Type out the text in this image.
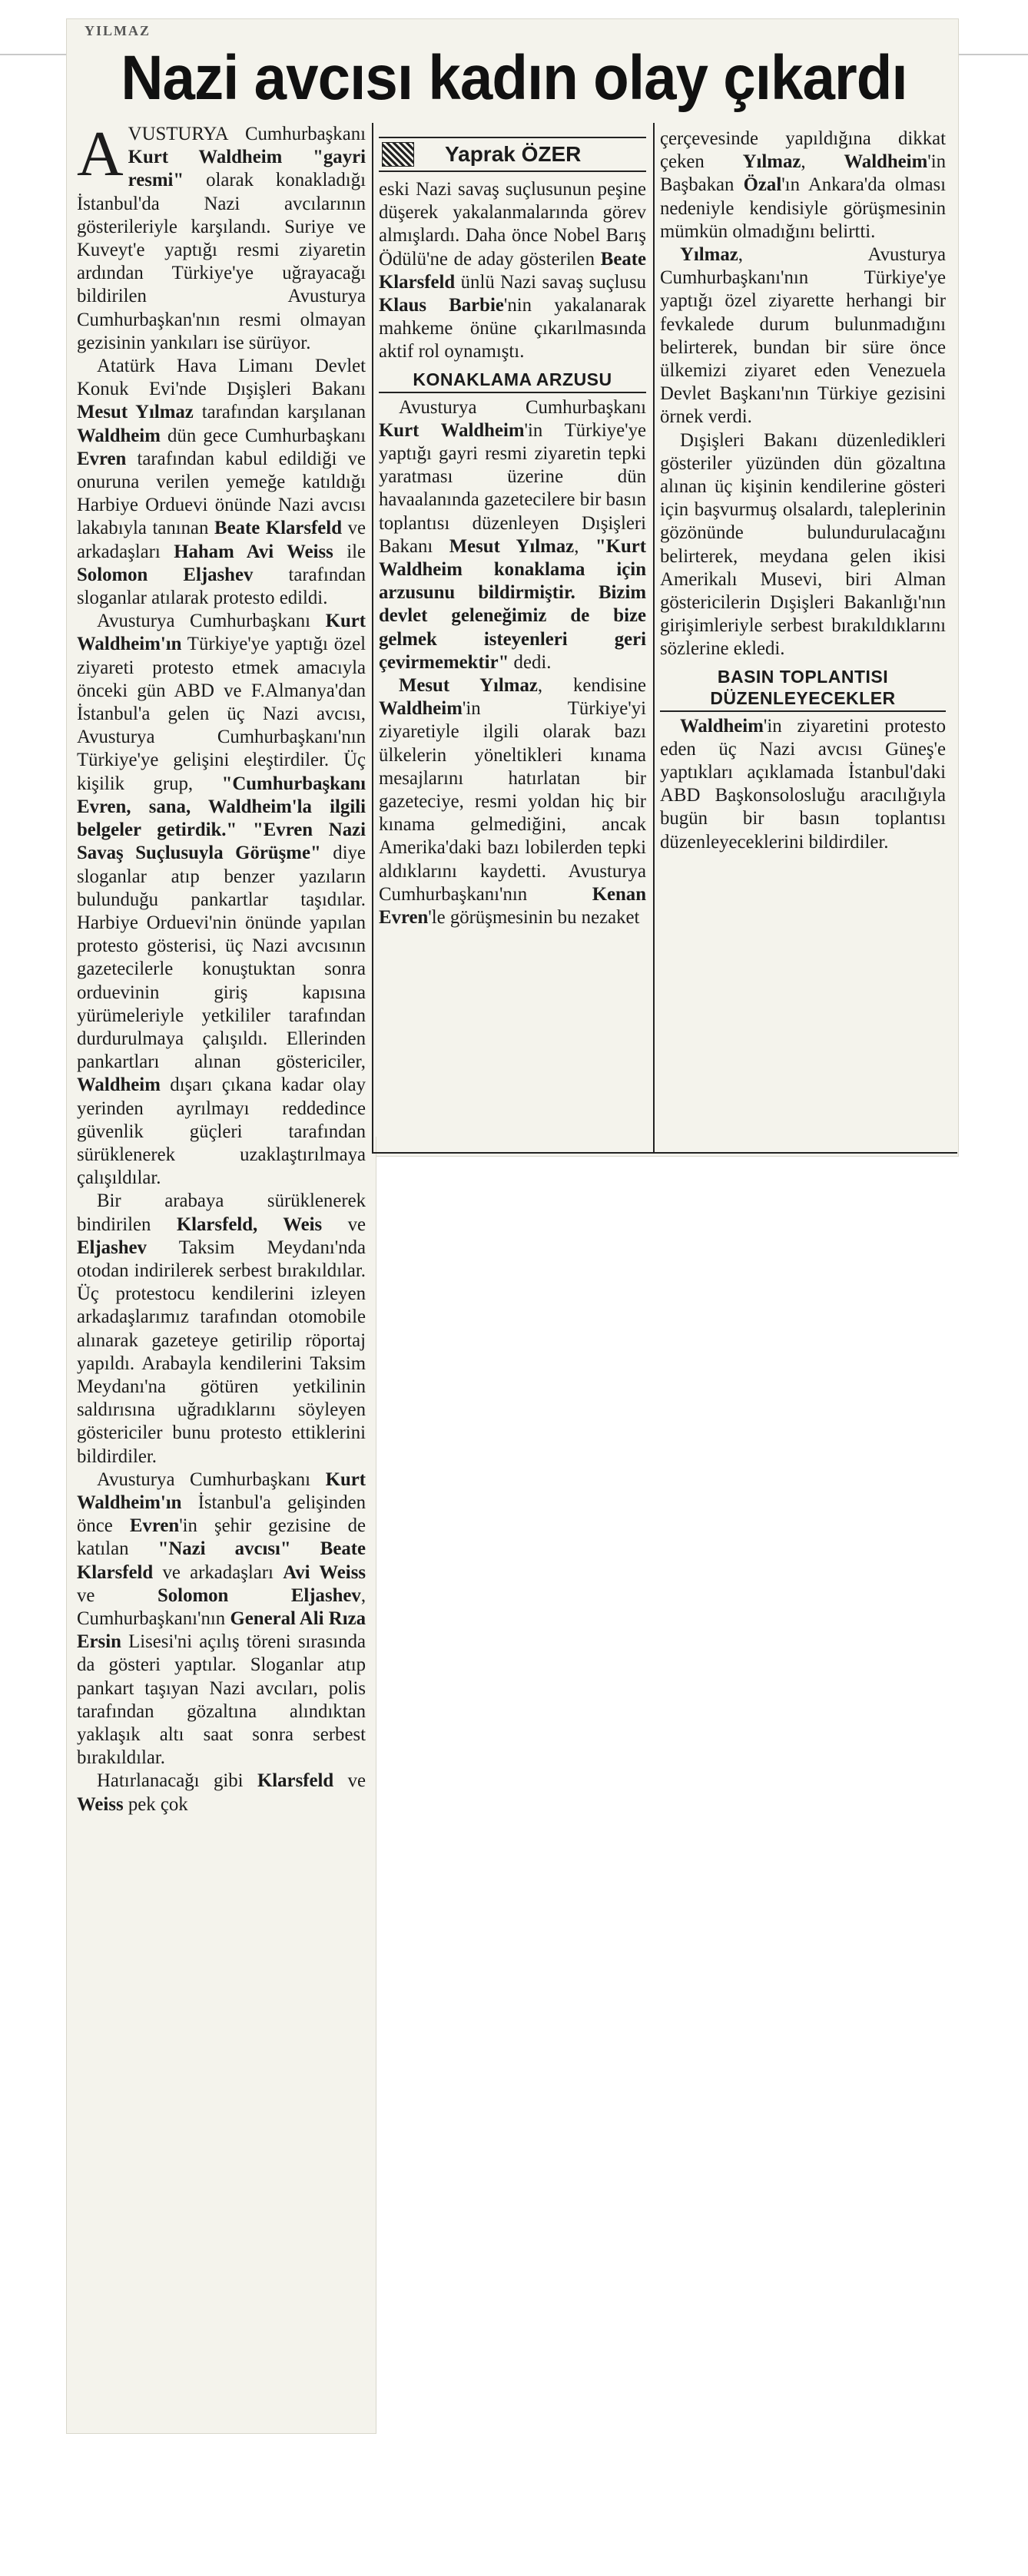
YILMAZ
Nazi avcısı kadın olay çıkardı
Yaprak ÖZER

AVUSTURYA Cumhurbaşkanı Kurt Waldheim "gayri resmi" olarak konakladığı İstanbul'da Nazi avcılarının gösterileriyle karşılandı. Suriye ve Kuveyt'e yaptığı resmi ziyaretin ardından Türkiye'ye uğrayacağı bildirilen Avusturya Cumhurbaşkan'nın resmi olmayan gezisinin yankıları ise sürüyor.

Atatürk Hava Limanı Devlet Konuk Evi'nde Dışişleri Bakanı Mesut Yılmaz tarafından karşılanan Waldheim dün gece Cumhurbaşkanı Evren tarafından kabul edildiği ve onuruna verilen yemeğe katıldığı Harbiye Orduevi önünde Nazi avcısı lakabıyla tanınan Beate Klarsfeld ve arkadaşları Haham Avi Weiss ile Solomon Eljashev tarafından sloganlar atılarak protesto edildi.

Avusturya Cumhurbaşkanı Kurt Waldheim'ın Türkiye'ye yaptığı özel ziyareti protesto etmek amacıyla önceki gün ABD ve F.Almanya'dan İstanbul'a gelen üç Nazi avcısı, Avusturya Cumhurbaşkanı'nın Türkiye'ye gelişini eleştirdiler. Üç kişilik grup, "Cumhurbaşkanı Evren, sana, Waldheim'la ilgili belgeler getirdik." "Evren Nazi Savaş Suçlusuyla Görüşme" diye sloganlar atıp benzer yazıların bulunduğu pankartlar taşıdılar. Harbiye Orduevi'nin önünde yapılan protesto gösterisi, üç Nazi avcısının gazetecilerle konuştuktan sonra orduevinin giriş kapısına yürümeleriyle yetkililer tarafından durdurulmaya çalışıldı. Ellerinden pankartları alınan göstericiler, Waldheim dışarı çıkana kadar olay yerinden ayrılmayı reddedince güvenlik güçleri tarafından sürüklenerek uzaklaştırılmaya çalışıldılar.

Bir arabaya sürüklenerek bindirilen Klarsfeld, Weis ve Eljashev Taksim Meydanı'nda otodan indirilerek serbest bırakıldılar. Üç protestocu kendilerini izleyen arkadaşlarımız tarafından otomobile alınarak gazeteye getirilip röportaj yapıldı. Arabayla kendilerini Taksim Meydanı'na götüren yetkilinin saldırısına uğradıklarını söyleyen göstericiler bunu protesto ettiklerini bildirdiler.

Avusturya Cumhurbaşkanı Kurt Waldheim'ın İstanbul'a gelişinden önce Evren'in şehir gezisine de katılan "Nazi avcısı" Beate Klarsfeld ve arkadaşları Avi Weiss ve Solomon Eljashev, Cumhurbaşkanı'nın General Ali Rıza Ersin Lisesi'ni açılış töreni sırasında da gösteri yaptılar. Sloganlar atıp pankart taşıyan Nazi avcıları, polis tarafından gözaltına alındıktan yaklaşık altı saat sonra serbest bırakıldılar.

Hatırlanacağı gibi Klarsfeld ve Weiss pek çok

eski Nazi savaş suçlusunun peşine düşerek yakalanmalarında görev almışlardı. Daha önce Nobel Barış Ödülü'ne de aday gösterilen Beate Klarsfeld ünlü Nazi savaş suçlusu Klaus Barbie'nin yakalanarak mahkeme önüne çıkarılmasında aktif rol oynamıştı.

KONAKLAMA ARZUSU

Avusturya Cumhurbaşkanı Kurt Waldheim'in Türkiye'ye yaptığı gayri resmi ziyaretin tepki yaratması üzerine dün havaalanında gazetecilere bir basın toplantısı düzenleyen Dışişleri Bakanı Mesut Yılmaz, "Kurt Waldheim konaklama için arzusunu bildirmiştir. Bizim devlet geleneğimiz de bize gelmek isteyenleri geri çevirmemektir" dedi.

Mesut Yılmaz, kendisine Waldheim'in Türkiye'yi ziyaretiyle ilgili olarak bazı ülkelerin yöneltikleri kınama mesajlarını hatırlatan bir gazeteciye, resmi yoldan hiç bir kınama gelmediğini, ancak Amerika'daki bazı lobilerden tepki aldıklarını kaydetti. Avusturya Cumhurbaşkanı'nın Kenan Evren'le görüşmesinin bu nezaket

çerçevesinde yapıldığına dikkat çeken Yılmaz, Waldheim'in Başbakan Özal'ın Ankara'da olması nedeniyle kendisiyle görüşmesinin mümkün olmadığını belirtti.

Yılmaz, Avusturya Cumhurbaşkanı'nın Türkiye'ye yaptığı özel ziyarette herhangi bir fevkalede durum bulunmadığını belirterek, bundan bir süre önce ülkemizi ziyaret eden Venezuela Devlet Başkanı'nın Türkiye gezisini örnek verdi.

Dışişleri Bakanı düzenledikleri gösteriler yüzünden dün gözaltına alınan üç kişinin kendilerine gösteri için başvurmuş olsalardı, taleplerinin gözönünde bulundurulacağını belirterek, meydana gelen ikisi Amerikalı Musevi, biri Alman göstericilerin Dışişleri Bakanlığı'nın girişimleriyle serbest bırakıldıklarını sözlerine ekledi.

BASIN TOPLANTISI
DÜZENLEYECEKLER

Waldheim'in ziyaretini protesto eden üç Nazi avcısı Güneş'e yaptıkları açıklamada İstanbul'daki ABD Başkonsolosluğu aracılığıyla bugün bir basın toplantısı düzenleyeceklerini bildirdiler.
